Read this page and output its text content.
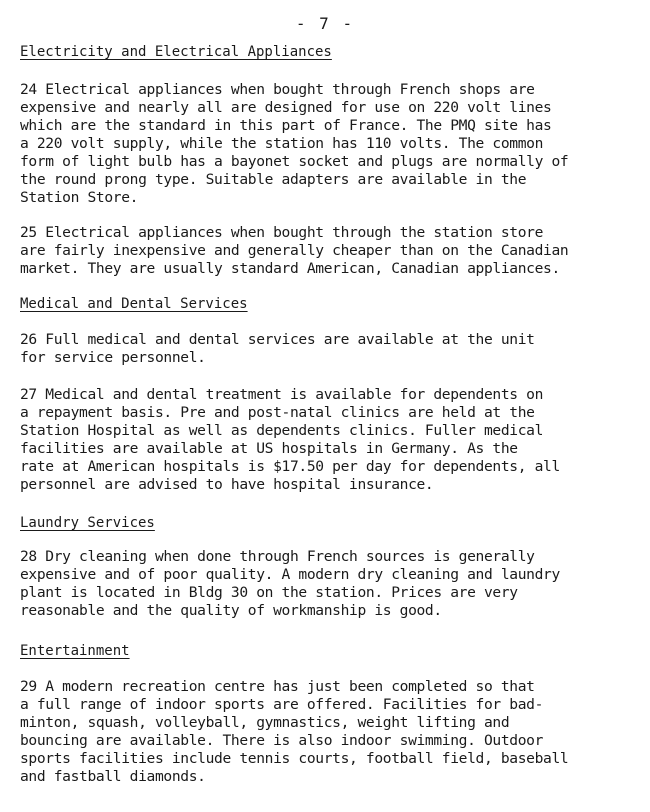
- 7 -
Electricity and Electrical Appliances
24 Electrical appliances when bought through French shops are
expensive and nearly all are designed for use on 220 volt lines
which are the standard in this part of France. The PMQ site has
a 220 volt supply, while the station has 110 volts. The common
form of light bulb has a bayonet socket and plugs are normally of
the round prong type. Suitable adapters are available in the
Station Store.
25 Electrical appliances when bought through the station store
are fairly inexpensive and generally cheaper than on the Canadian
market. They are usually standard American, Canadian appliances.
Medical and Dental Services
26 Full medical and dental services are available at the unit
for service personnel.
27 Medical and dental treatment is available for dependents on
a repayment basis. Pre and post-natal clinics are held at the
Station Hospital as well as dependents clinics. Fuller medical
facilities are available at US hospitals in Germany. As the
rate at American hospitals is $17.50 per day for dependents, all
personnel are advised to have hospital insurance.
Laundry Services
28 Dry cleaning when done through French sources is generally
expensive and of poor quality. A modern dry cleaning and laundry
plant is located in Bldg 30 on the station. Prices are very
reasonable and the quality of workmanship is good.
Entertainment
29 A modern recreation centre has just been completed so that
a full range of indoor sports are offered. Facilities for bad-
minton, squash, volleyball, gymnastics, weight lifting and
bouncing are available. There is also indoor swimming. Outdoor
sports facilities include tennis courts, football field, baseball
and fastball diamonds.
